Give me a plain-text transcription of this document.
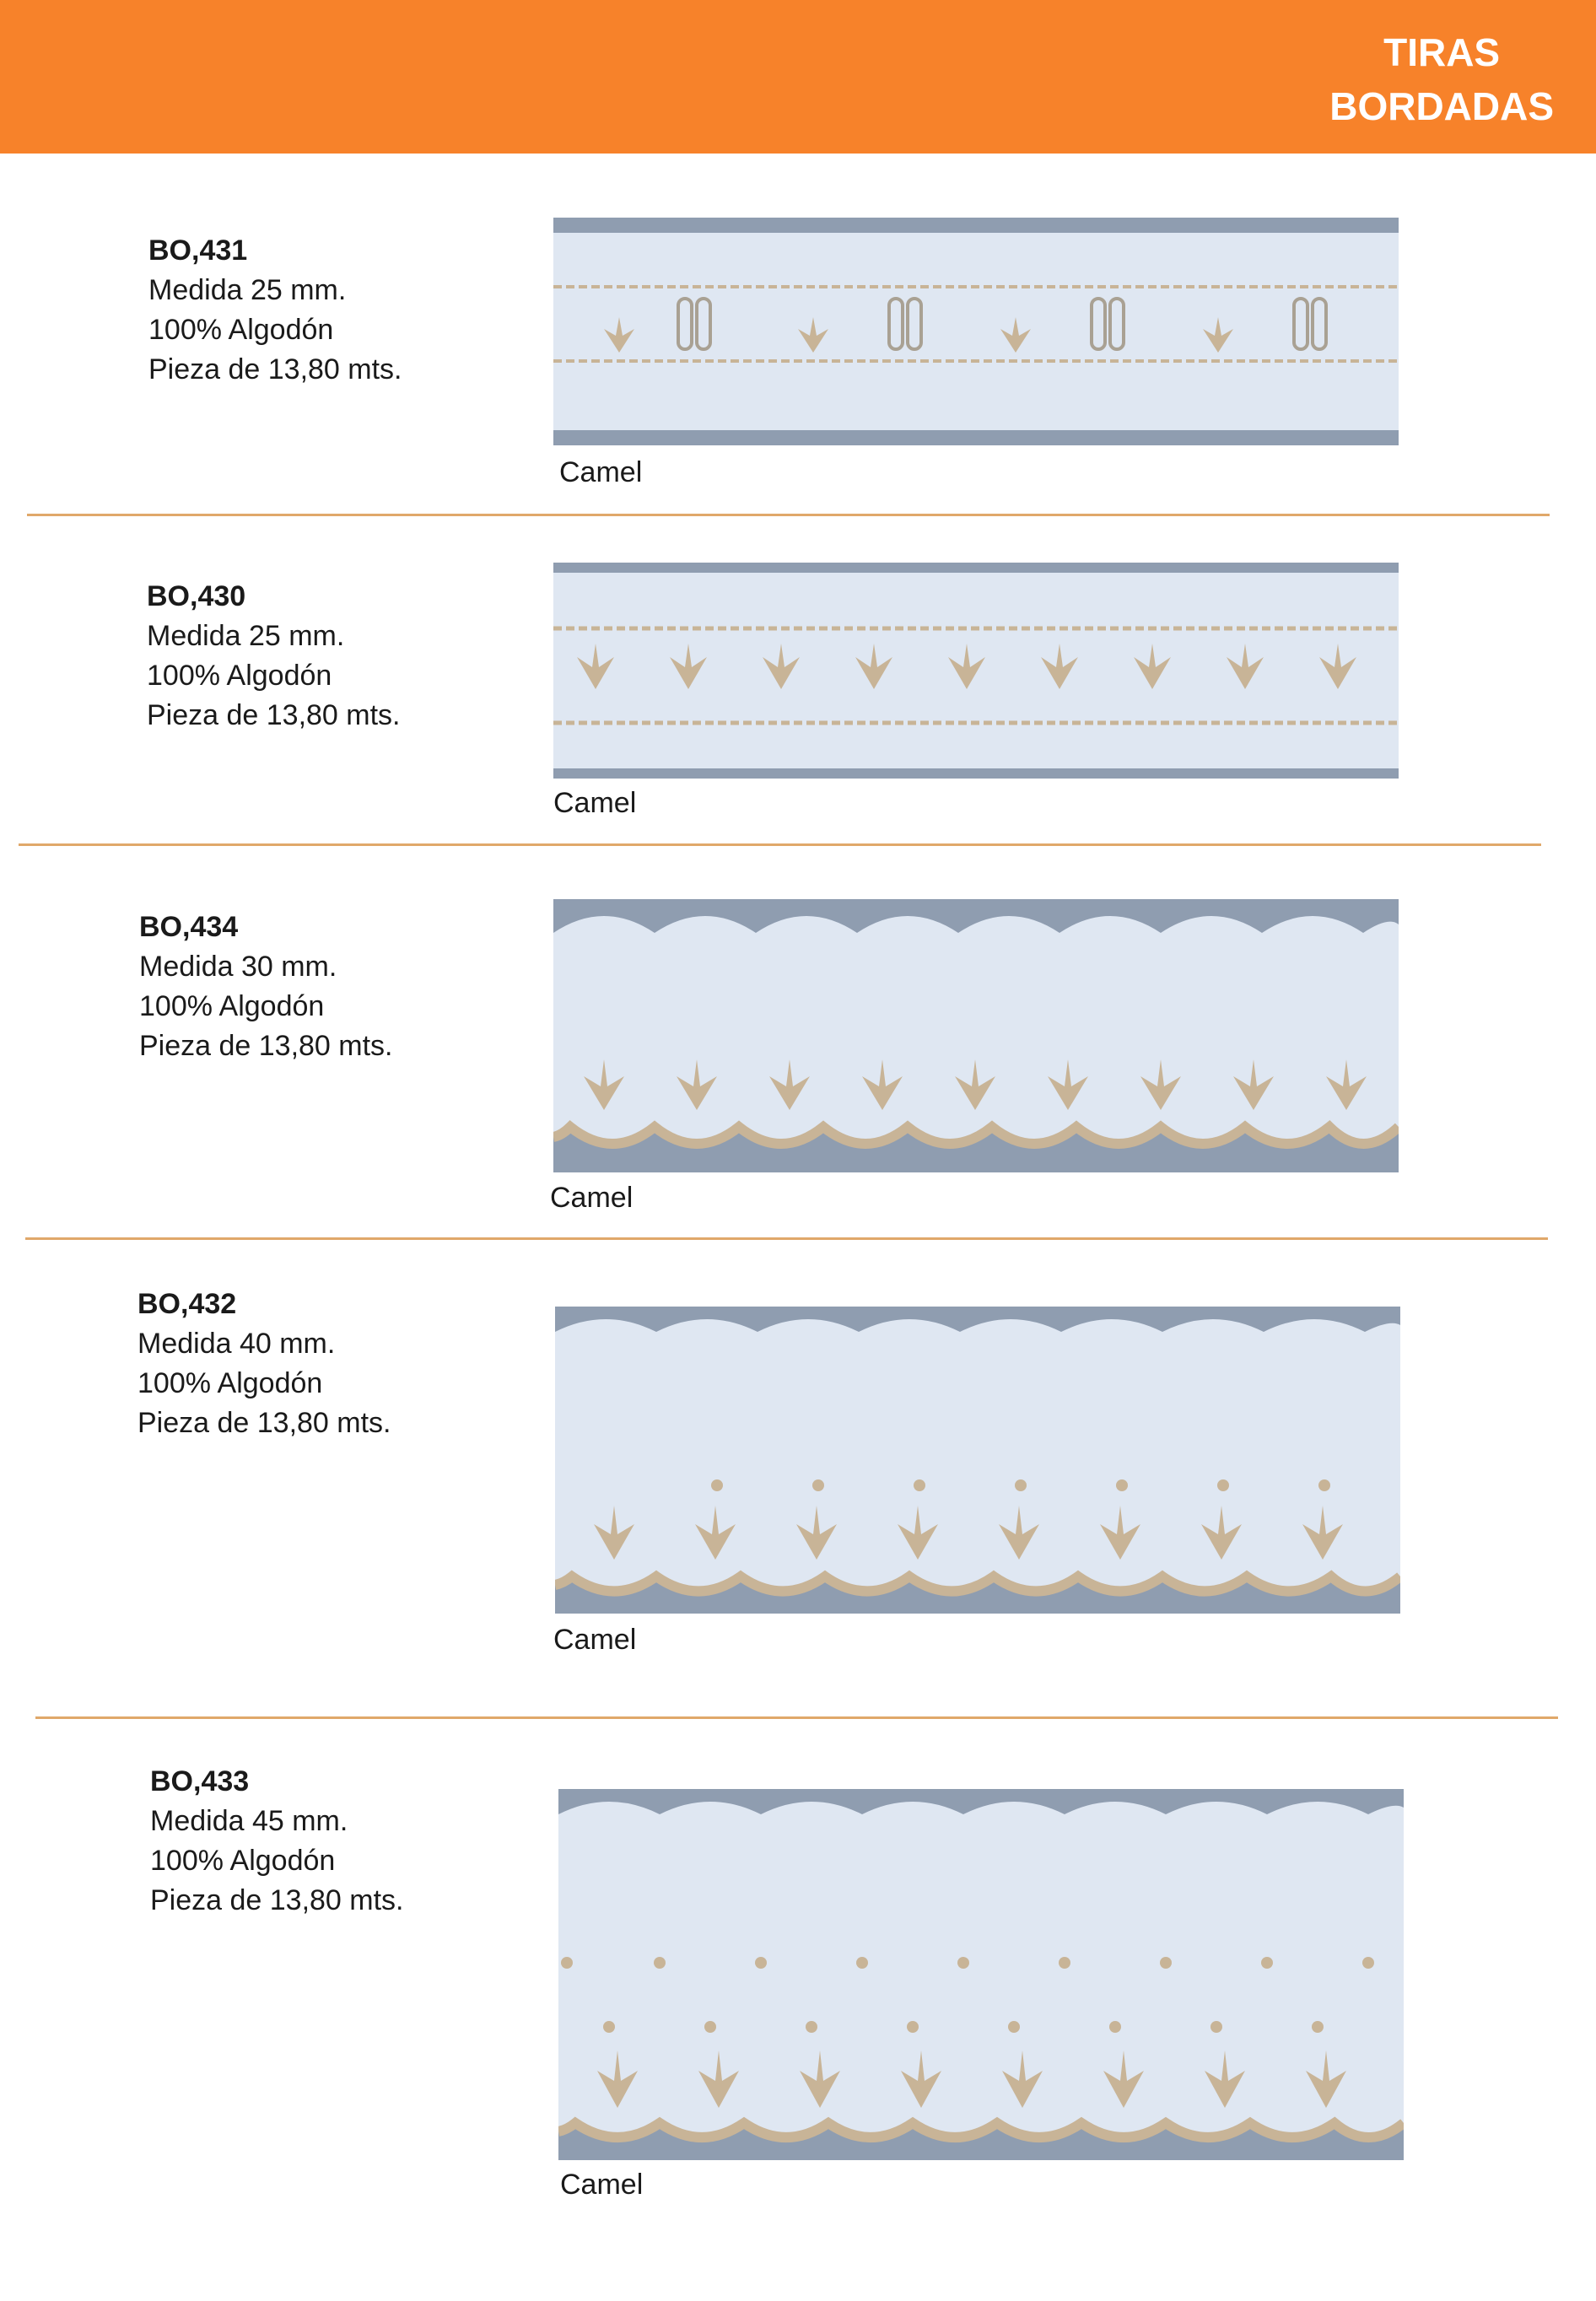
TIRAS
BORDADAS
BO,431
Medida 25 mm.
100% Algodón
Pieza de 13,80 mts.
Camel
BO,430
Medida 25 mm.
100% Algodón
Pieza de 13,80 mts.
Camel
BO,434
Medida 30 mm.
100% Algodón
Pieza de 13,80 mts.
Camel
BO,432
Medida 40 mm.
100% Algodón
Pieza de 13,80 mts.
Camel
BO,433
Medida 45 mm.
100% Algodón
Pieza de 13,80 mts.
Camel
